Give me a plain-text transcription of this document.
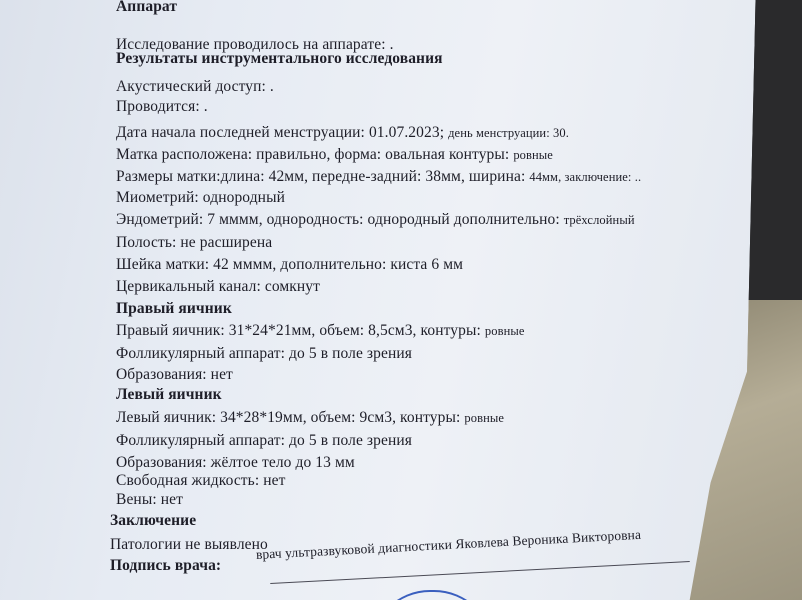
Аппарат
Исследование проводилось на аппарате: .
Результаты инструментального исследования
Акустический доступ: .
Проводится: .
Дата начала последней менструации: 01.07.2023; день менструации: 30.
Матка расположена: правильно, форма: овальная контуры: ровные
Размеры матки:длина: 42мм, передне-задний: 38мм, ширина: 44мм, заключение: ..
Миометрий: однородный
Эндометрий: 7 мммм, однородность: однородный дополнительно: трёхслойный
Полость: не расширена
Шейка матки: 42 мммм, дополнительно: киста 6 мм
Цервикальный канал: сомкнут
Правый яичник
Правый яичник: 31*24*21мм, объем: 8,5см3, контуры: ровные
Фолликулярный аппарат: до 5 в поле зрения
Образования: нет
Левый яичник
Левый яичник: 34*28*19мм, объем: 9см3, контуры: ровные
Фолликулярный аппарат: до 5 в поле зрения
Образования: жёлтое тело до 13 мм
Свободная жидкость: нет
Вены: нет
Заключение
Патологии не выявлено
Подпись врача:
врач ультразвуковой диагностики Яковлева Вероника Викторовна
